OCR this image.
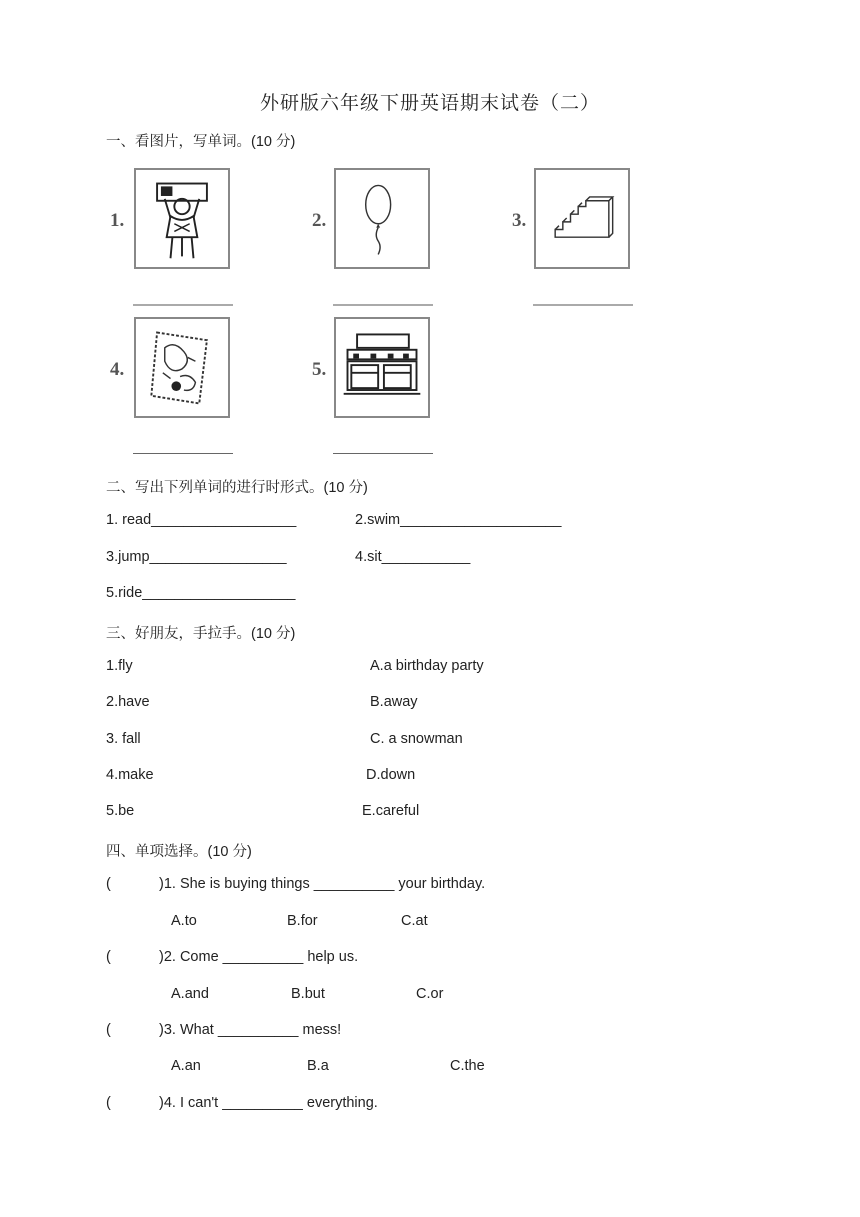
外研版六年级下册英语期末试卷（二）
一、看图片，写单词。(10 分)
1.	2.	3.
4.	5.
二、写出下列单词的进行时形式。(10 分)
1. read__________________	2.swim____________________
3.jump_________________	4.sit___________
5.ride___________________
三、好朋友，手拉手。(10 分)
1.fly	A.a birthday party
2.have	B.away
3. fall	C. a snowman
4.make	D.down
5.be	E.careful
四、单项选择。(10 分)
(	)1. She is buying things __________ your birthday.
A.to	B.for	C.at
(	)2. Come __________ help us.
A.and	B.but	C.or
(	)3. What __________ mess!
A.an	B.a	C.the
(	)4. I can't __________ everything.
